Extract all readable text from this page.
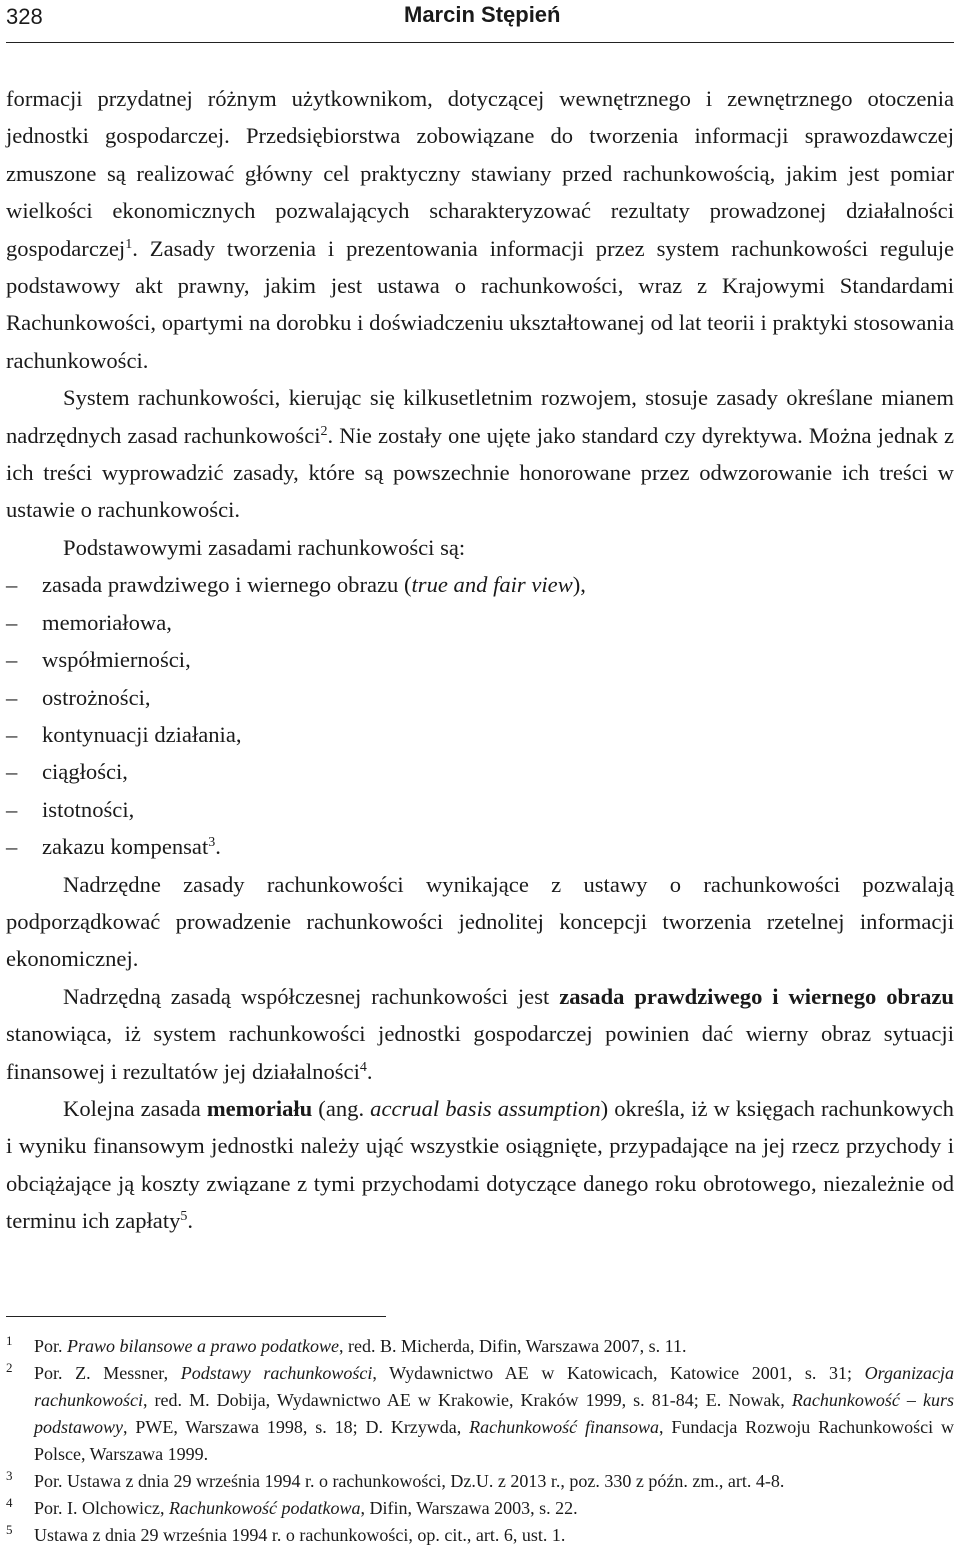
328	Marcin Stępień

formacji przydatnej różnym użytkownikom, dotyczącej wewnętrznego i zewnętrznego otoczenia jednostki gospodarczej. Przedsiębiorstwa zobowiązane do tworzenia informacji sprawozdawczej zmuszone są realizować główny cel praktyczny stawiany przed rachunkowością, jakim jest pomiar wielkości ekonomicznych pozwalających scharakteryzować rezultaty prowadzonej działalności gospodarczej$^1$. Zasady tworzenia i prezentowania informacji przez system rachunkowości reguluje podstawowy akt prawny, jakim jest ustawa o rachunkowości, wraz z Krajowymi Standardami Rachunkowości, opartymi na dorobku i doświadczeniu ukształtowanej od lat teorii i praktyki stosowania rachunkowości.

System rachunkowości, kierując się kilkusetletnim rozwojem, stosuje zasady określane mianem nadrzędnych zasad rachunkowości$^2$. Nie zostały one ujęte jako standard czy dyrektywa. Można jednak z ich treści wyprowadzić zasady, które są powszechnie honorowane przez odwzorowanie ich treści w ustawie o rachunkowości.

Podstawowymi zasadami rachunkowości są:

– zasada prawdziwego i wiernego obrazu (true and fair view),
– memoriałowa,
– współmierności,
– ostrożności,
– kontynuacji działania,
– ciągłości,
– istotności,
– zakazu kompensat$^3$.

Nadrzędne zasady rachunkowości wynikające z ustawy o rachunkowości pozwalają podporządkować prowadzenie rachunkowości jednolitej koncepcji tworzenia rzetelnej informacji ekonomicznej.

Nadrzędną zasadą współczesnej rachunkowości jest zasada prawdziwego i wiernego obrazu stanowiąca, iż system rachunkowości jednostki gospodarczej powinien dać wierny obraz sytuacji finansowej i rezultatów jej działalności$^4$.

Kolejna zasada memoriału (ang. accrual basis assumption) określa, iż w księgach rachunkowych i wyniku finansowym jednostki należy ująć wszystkie osiągnięte, przypadające na jej rzecz przychody i obciążające ją koszty związane z tymi przychodami dotyczące danego roku obrotowego, niezależnie od terminu ich zapłaty$^5$.

1 Por. Prawo bilansowe a prawo podatkowe, red. B. Micherda, Difin, Warszawa 2007, s. 11.
2 Por. Z. Messner, Podstawy rachunkowości, Wydawnictwo AE w Katowicach, Katowice 2001, s. 31; Organizacja rachunkowości, red. M. Dobija, Wydawnictwo AE w Krakowie, Kraków 1999, s. 81-84; E. Nowak, Rachunkowość – kurs podstawowy, PWE, Warszawa 1998, s. 18; D. Krzywda, Rachunkowość finansowa, Fundacja Rozwoju Rachunkowości w Polsce, Warszawa 1999.
3 Por. Ustawa z dnia 29 września 1994 r. o rachunkowości, Dz.U. z 2013 r., poz. 330 z późn. zm., art. 4-8.
4 Por. I. Olchowicz, Rachunkowość podatkowa, Difin, Warszawa 2003, s. 22.
5 Ustawa z dnia 29 września 1994 r. o rachunkowości, op. cit., art. 6, ust. 1.
